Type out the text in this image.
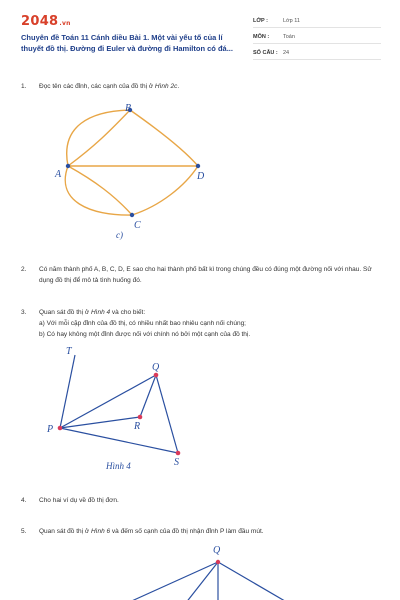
2048.vn
Chuyên đề Toán 11 Cánh diều Bài 1. Một vài yếu tố của lí
thuyết đồ thị. Đường đi Euler và đường đi Hamilton có đá...
LỚP :	Lớp 11
MÔN :	Toán
SỐ CÂU : 24
1. Đọc tên các đỉnh, các cạnh của đồ thị ở Hình 2c.
A
B
C
D
c)
2. Có năm thành phố A, B, C, D, E sao cho hai thành phố bất kì trong chúng đều có đúng một đường nối với nhau. Sử dụng đồ thị để mô tả tình huống đó.
3. Quan sát đồ thị ở Hình 4 và cho biết:
a) Với mỗi cặp đỉnh của đồ thị, có nhiều nhất bao nhiêu cạnh nối chúng;
b) Có hay không một đỉnh được nối với chính nó bởi một cạnh của đồ thị.
T
Q
P	R
S
Hình 4
4. Cho hai ví dụ về đồ thị đơn.
5. Quan sát đồ thị ở Hình 6 và đếm số cạnh của đồ thị nhận đỉnh P làm đầu mút.
Q
